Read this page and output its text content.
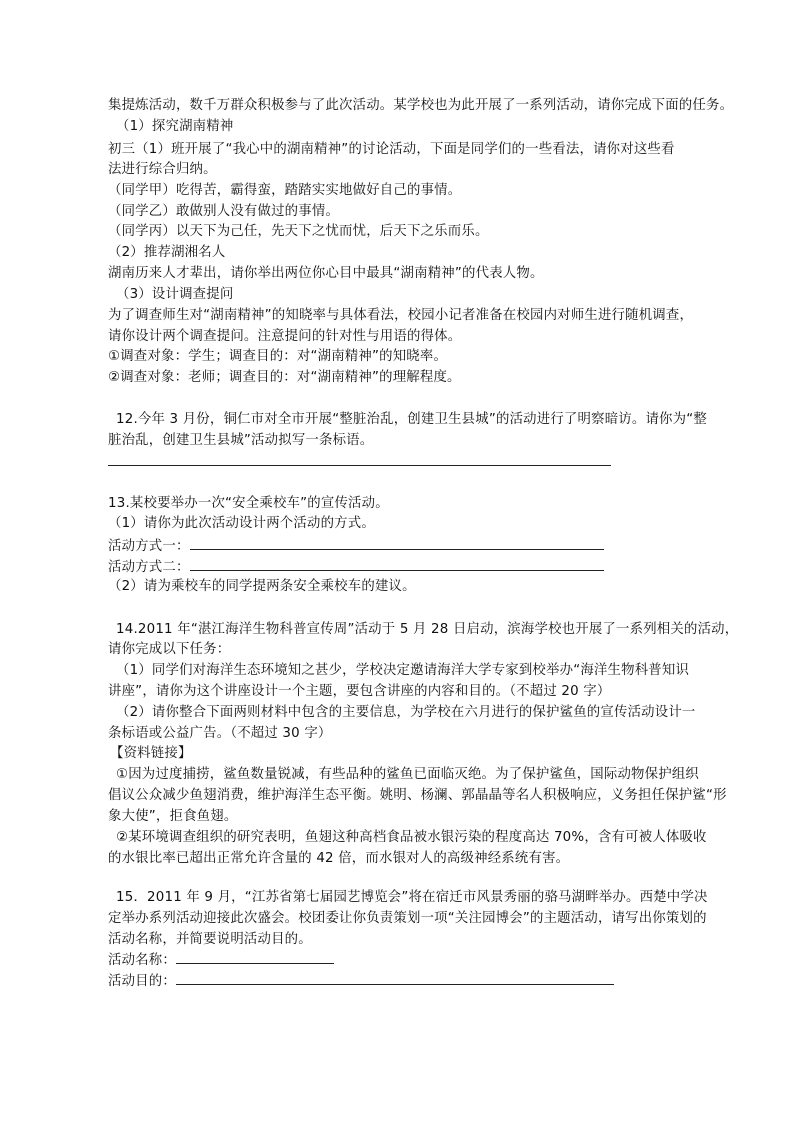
集提炼活动，数千万群众积极参与了此次活动。某学校也为此开展了一系列活动，请你完成下面的任务。
（1）探究湖南精神
初三（1）班开展了“我心中的湖南精神”的讨论活动，下面是同学们的一些看法，请你对这些看
法进行综合归纳。
（同学甲）吃得苦，霸得蛮，踏踏实实地做好自己的事情。
（同学乙）敢做别人没有做过的事情。
（同学丙）以天下为己任，先天下之忧而忧，后天下之乐而乐。
（2）推荐湖湘名人
湖南历来人才辈出，请你举出两位你心目中最具“湖南精神”的代表人物。
（3）设计调查提问
为了调查师生对“湖南精神”的知晓率与具体看法，校园小记者准备在校园内对师生进行随机调查，
请你设计两个调查提问。注意提问的针对性与用语的得体。
①调查对象：学生；调查目的：对“湖南精神”的知晓率。
②调查对象：老师；调查目的：对“湖南精神”的理解程度。
12.今年 3 月份，铜仁市对全市开展“整脏治乱，创建卫生县城”的活动进行了明察暗访。请你为“整
脏治乱，创建卫生县城”活动拟写一条标语。
13.某校要举办一次“安全乘校车”的宣传活动。
（1）请你为此次活动设计两个活动的方式。
活动方式一：
活动方式二：
（2）请为乘校车的同学提两条安全乘校车的建议。
14.2011 年“湛江海洋生物科普宣传周”活动于 5 月 28 日启动，滨海学校也开展了一系列相关的活动，
请你完成以下任务：
（1）同学们对海洋生态环境知之甚少，学校决定邀请海洋大学专家到校举办“海洋生物科普知识
讲座”，请你为这个讲座设计一个主题，要包含讲座的内容和目的。（不超过 20 字）
（2）请你整合下面两则材料中包含的主要信息，为学校在六月进行的保护鲨鱼的宣传活动设计一
条标语或公益广告。（不超过 30 字）
【资料链接】
①因为过度捕捞，鲨鱼数量锐减，有些品种的鲨鱼已面临灭绝。为了保护鲨鱼，国际动物保护组织
倡议公众减少鱼翅消费，维护海洋生态平衡。姚明、杨澜、郭晶晶等名人积极响应，义务担任保护鲨“形
象大使”，拒食鱼翅。
②某环境调查组织的研究表明，鱼翅这种高档食品被水银污染的程度高达 70%，含有可被人体吸收
的水银比率已超出正常允许含量的 42 倍，而水银对人的高级神经系统有害。
15．2011 年 9 月，“江苏省第七届园艺博览会”将在宿迁市风景秀丽的骆马湖畔举办。西楚中学决
定举办系列活动迎接此次盛会。校团委让你负责策划一项“关注园博会”的主题活动，请写出你策划的
活动名称，并简要说明活动目的。
活动名称：
活动目的：
